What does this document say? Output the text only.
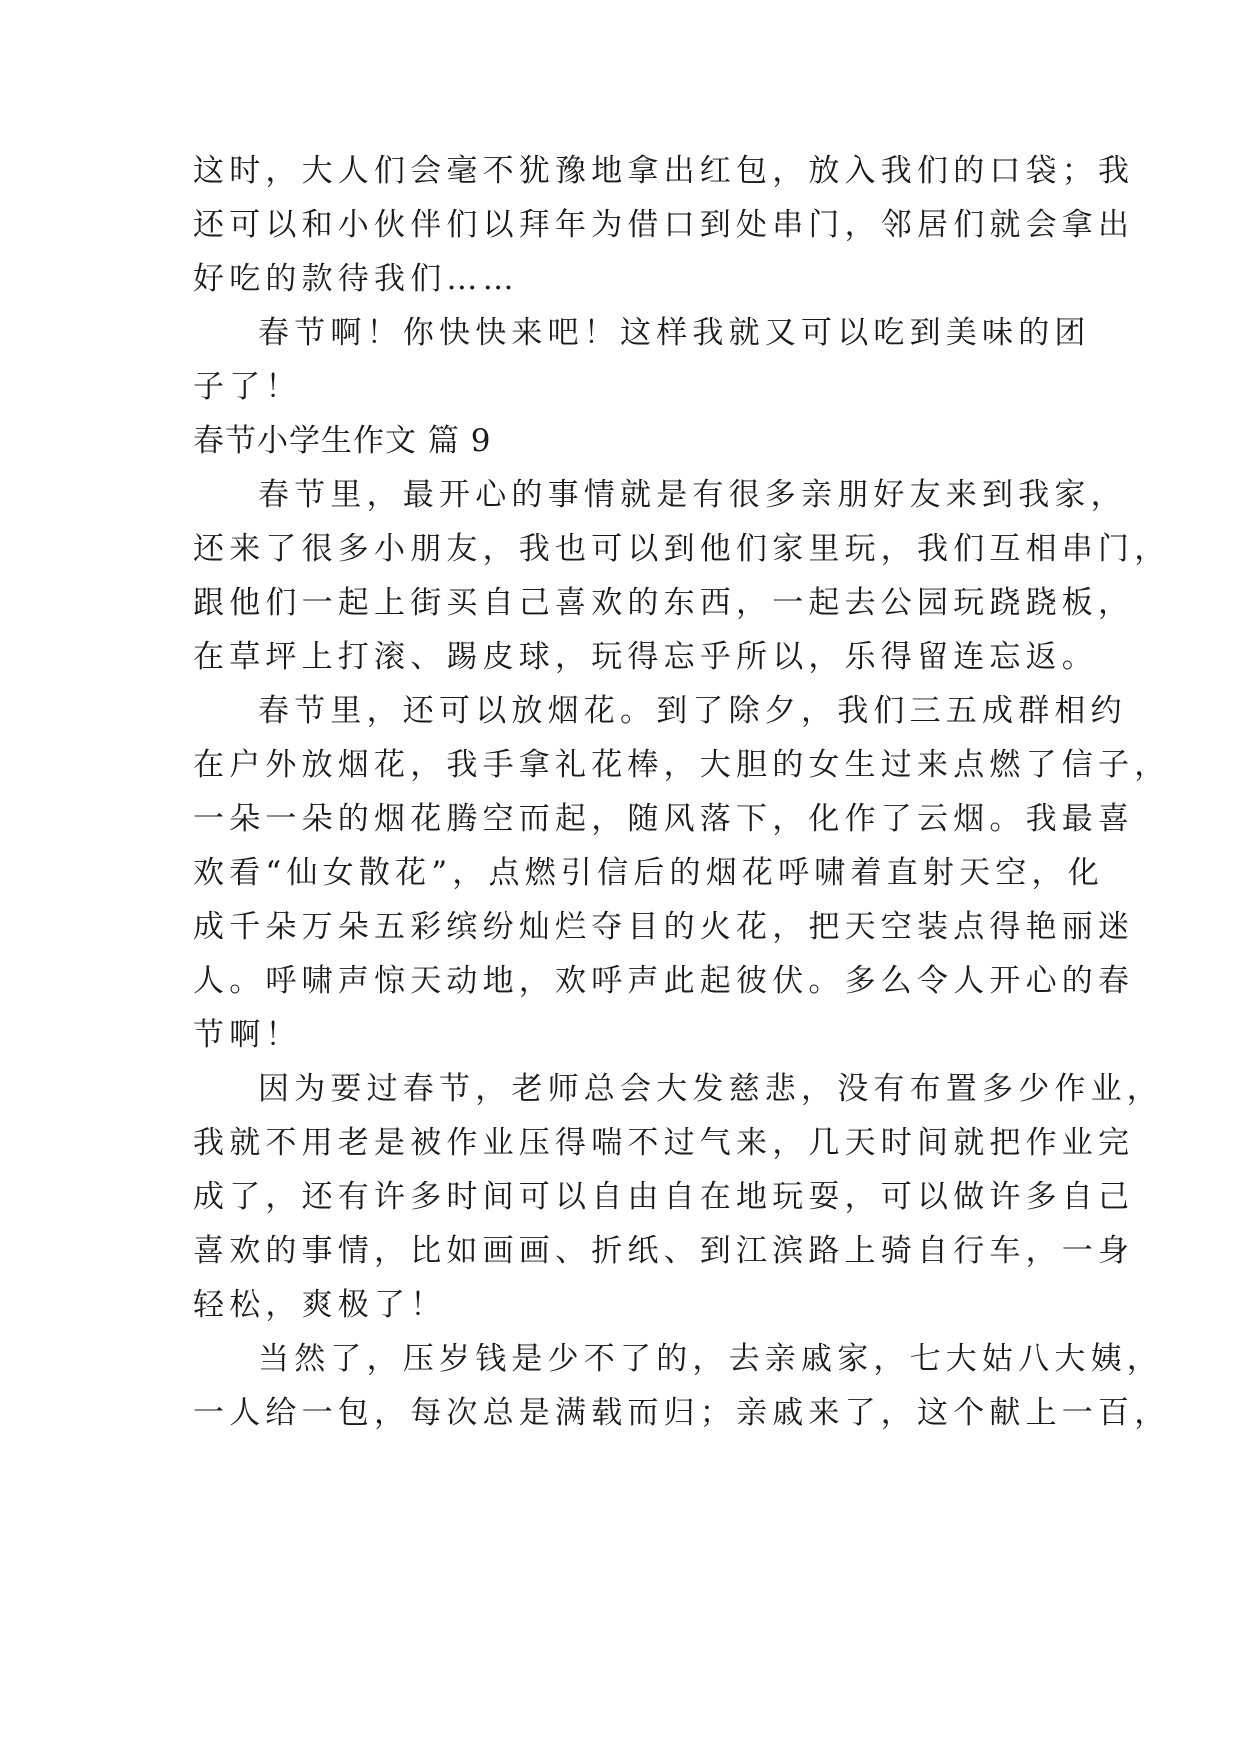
这时，大人们会毫不犹豫地拿出红包，放入我们的口袋；我
还可以和小伙伴们以拜年为借口到处串门，邻居们就会拿出
好吃的款待我们……
春节啊！你快快来吧！这样我就又可以吃到美味的团
子了！
春节小学生作文 篇 9
春节里，最开心的事情就是有很多亲朋好友来到我家，
还来了很多小朋友，我也可以到他们家里玩，我们互相串门，
跟他们一起上街买自己喜欢的东西，一起去公园玩跷跷板，
在草坪上打滚、踢皮球，玩得忘乎所以，乐得留连忘返。
春节里，还可以放烟花。到了除夕，我们三五成群相约
在户外放烟花，我手拿礼花棒，大胆的女生过来点燃了信子，
一朵一朵的烟花腾空而起，随风落下，化作了云烟。我最喜
欢看“仙女散花”，点燃引信后的烟花呼啸着直射天空，化
成千朵万朵五彩缤纷灿烂夺目的火花，把天空装点得艳丽迷
人。呼啸声惊天动地，欢呼声此起彼伏。多么令人开心的春
节啊！
因为要过春节，老师总会大发慈悲，没有布置多少作业，
我就不用老是被作业压得喘不过气来，几天时间就把作业完
成了，还有许多时间可以自由自在地玩耍，可以做许多自己
喜欢的事情，比如画画、折纸、到江滨路上骑自行车，一身
轻松，爽极了！
当然了，压岁钱是少不了的，去亲戚家，七大姑八大姨，
一人给一包，每次总是满载而归；亲戚来了，这个献上一百，
